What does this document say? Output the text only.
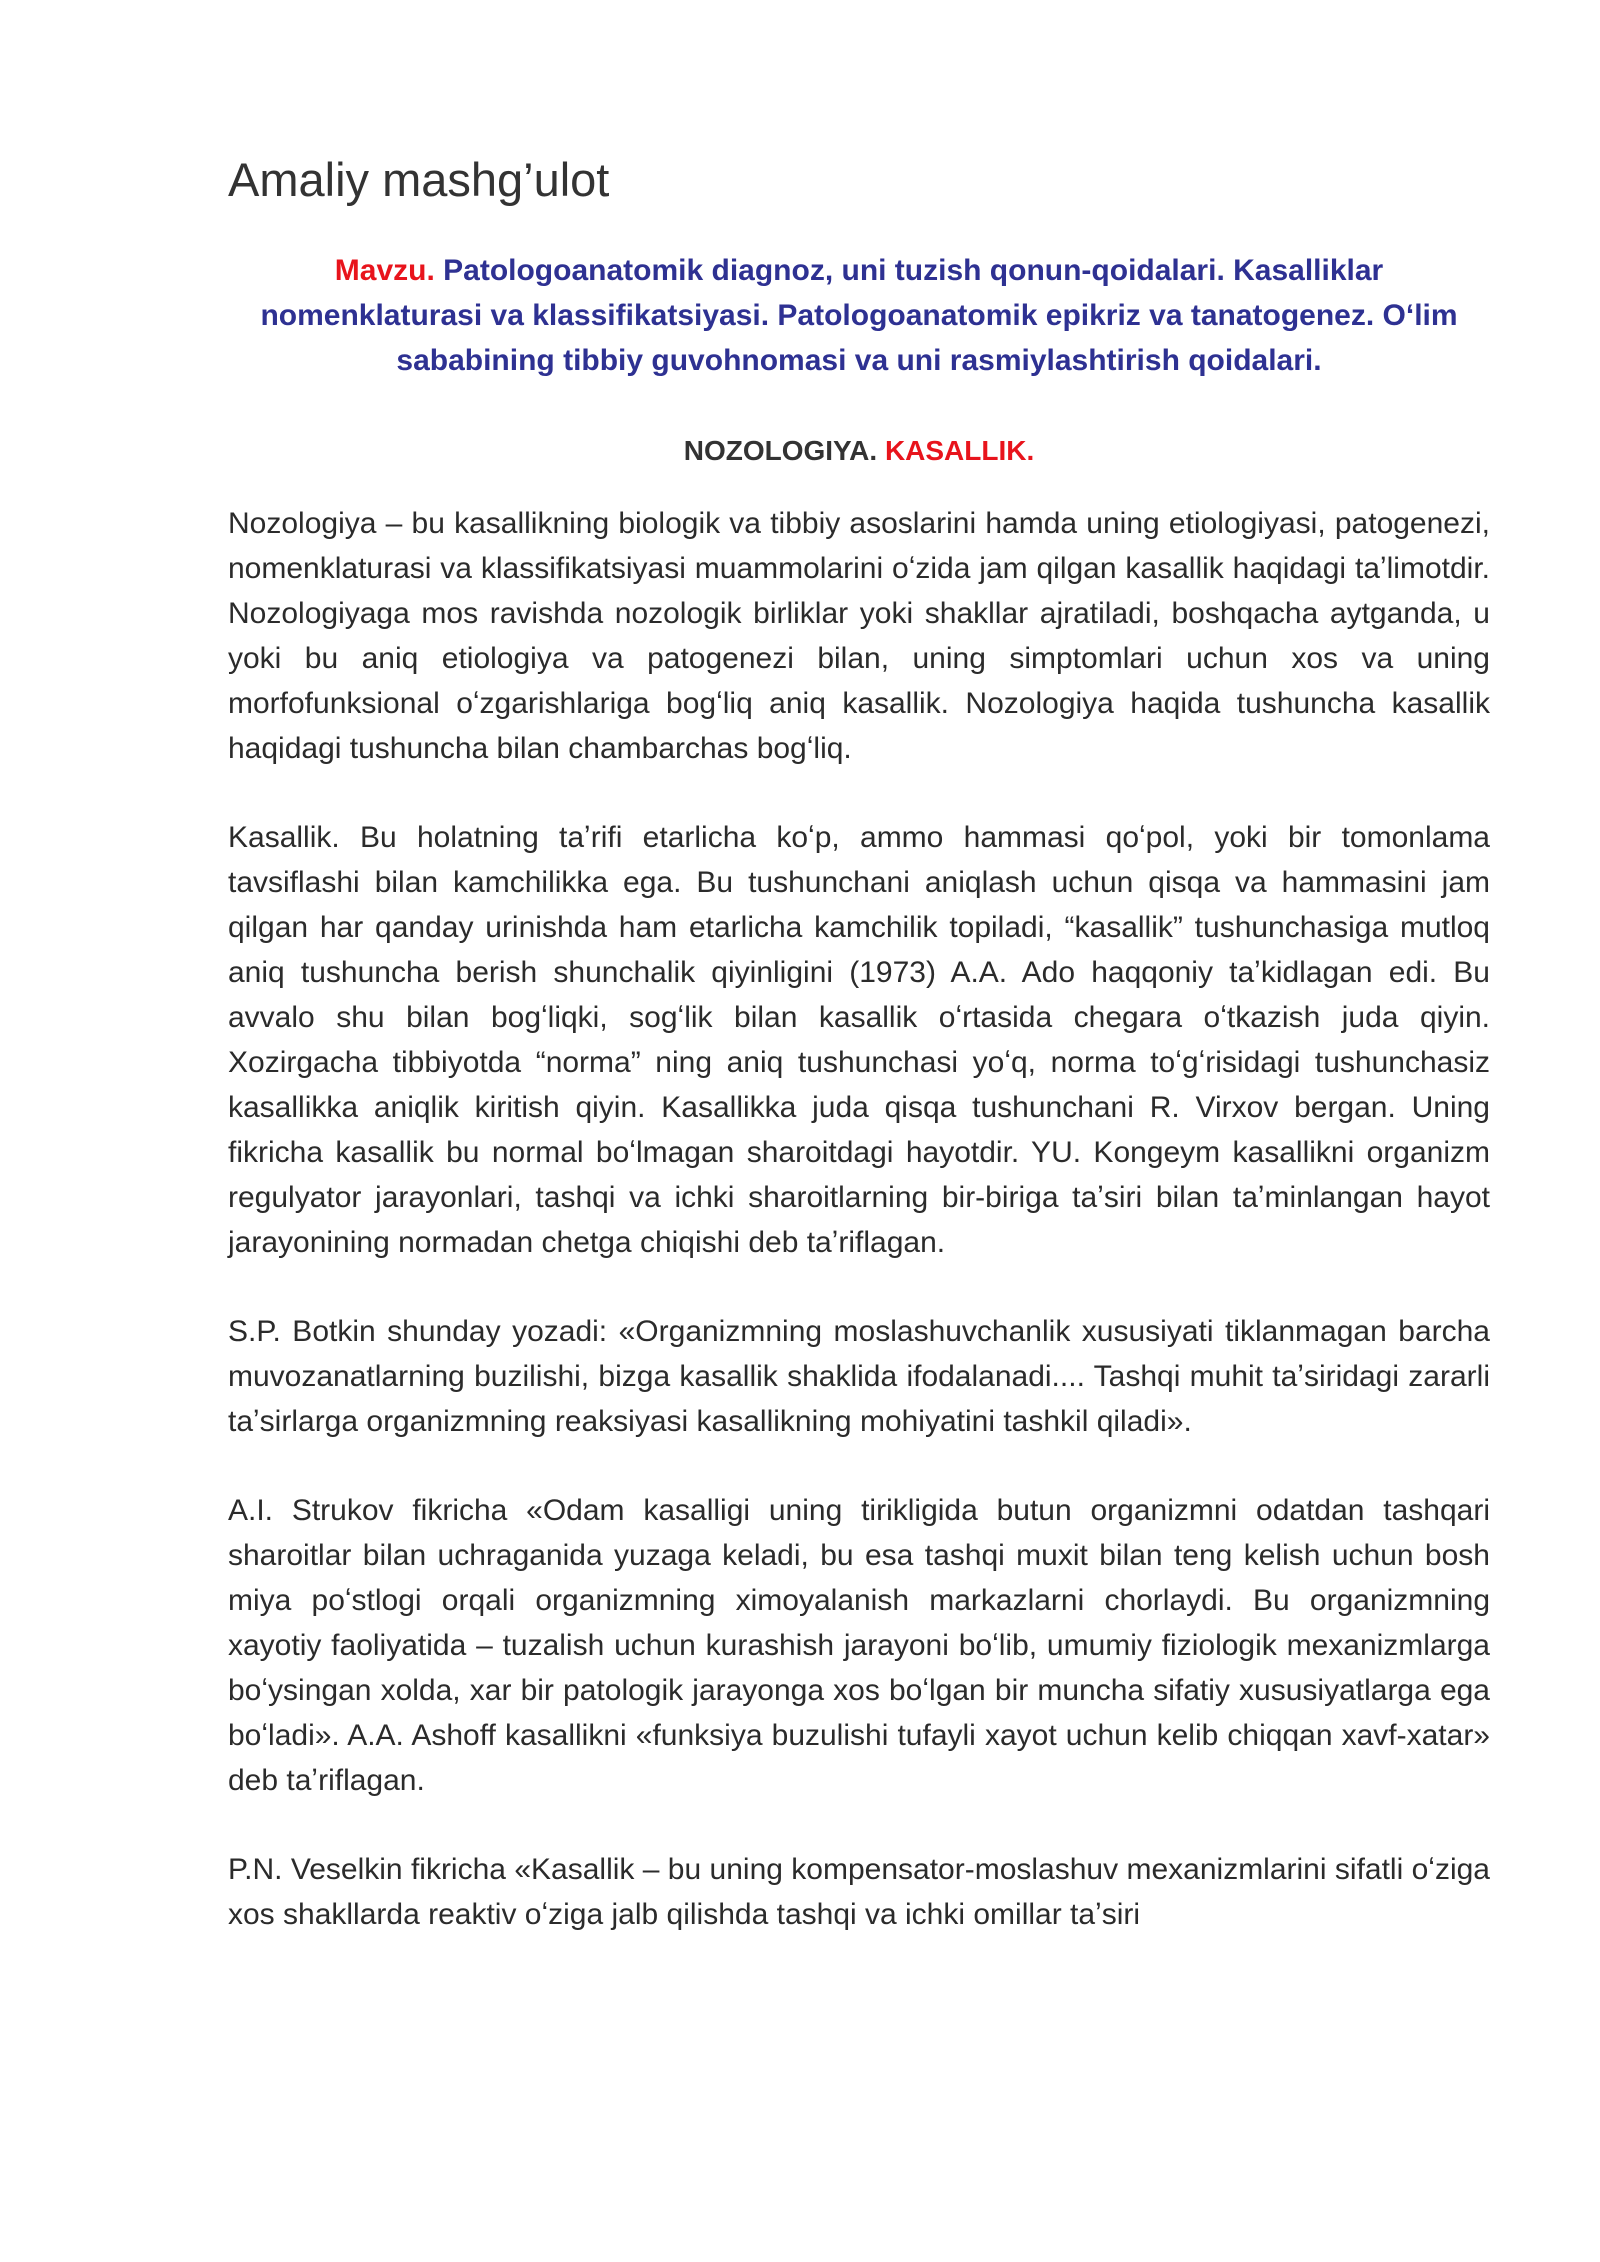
Amaliy mashg’ulot

Mavzu. Patologoanatomik diagnoz, uni tuzish qonun-qoidalari. Kasalliklar nomenklaturasi va klassifikatsiyasi. Patologoanatomik epikriz va tanatogenez. Oʻlim sababining tibbiy guvohnomasi va uni rasmiylashtirish qoidalari.

NOZOLOGIYA. KASALLIK.

Nozologiya – bu kasallikning biologik va tibbiy asoslarini hamda uning etiologiyasi, patogenezi, nomenklaturasi va klassifikatsiyasi muammolarini oʻzida jam qilgan kasallik haqidagi taʼlimotdir. Nozologiyaga mos ravishda nozologik birliklar yoki shakllar ajratiladi, boshqacha aytganda, u yoki bu aniq etiologiya va patogenezi bilan, uning simptomlari uchun xos va uning morfofunksional oʻzgarishlariga bogʻliq aniq kasallik. Nozologiya haqida tushuncha kasallik haqidagi tushuncha bilan chambarchas bogʻliq.

Kasallik. Bu holatning taʼrifi etarlicha koʻp, ammo hammasi qoʻpol, yoki bir tomonlama tavsiflashi bilan kamchilikka ega. Bu tushunchani aniqlash uchun qisqa va hammasini jam qilgan har qanday urinishda ham etarlicha kamchilik topiladi, “kasallik” tushunchasiga mutloq aniq tushuncha berish shunchalik qiyinligini (1973) A.A. Ado haqqoniy taʼkidlagan edi. Bu avvalo shu bilan bogʻliqki, sogʻlik bilan kasallik oʻrtasida chegara oʻtkazish juda qiyin. Xozirgacha tibbiyotda “norma” ning aniq tushunchasi yoʻq, norma toʻgʻrisidagi tushunchasiz kasallikka aniqlik kiritish qiyin. Kasallikka juda qisqa tushunchani R. Virxov bergan. Uning fikricha kasallik bu normal boʻlmagan sharoitdagi hayotdir. YU. Kongeym kasallikni organizm regulyator jarayonlari, tashqi va ichki sharoitlarning bir-biriga taʼsiri bilan taʼminlangan hayot jarayonining normadan chetga chiqishi deb taʼriflagan.

S.P. Botkin shunday yozadi: «Organizmning moslashuvchanlik xususiyati tiklanmagan barcha muvozanatlarning buzilishi, bizga kasallik shaklida ifodalanadi.... Tashqi muhit taʼsiridagi zararli taʼsirlarga organizmning reaksiyasi kasallikning mohiyatini tashkil qiladi».

A.I. Strukov fikricha «Odam kasalligi uning tirikligida butun organizmni odatdan tashqari sharoitlar bilan uchraganida yuzaga keladi, bu esa tashqi muxit bilan teng kelish uchun bosh miya poʻstlogi orqali organizmning ximoyalanish markazlarni chorlaydi. Bu organizmning xayotiy faoliyatida – tuzalish uchun kurashish jarayoni boʻlib, umumiy fiziologik mexanizmlarga boʻysingan xolda, xar bir patologik jarayonga xos boʻlgan bir muncha sifatiy xususiyatlarga ega boʻladi». A.A. Ashoff kasallikni «funksiya buzulishi tufayli xayot uchun kelib chiqqan xavf-xatar» deb taʼriflagan.

P.N. Veselkin fikricha «Kasallik – bu uning kompensator-moslashuv mexanizmlarini sifatli oʻziga xos shakllarda reaktiv oʻziga jalb qilishda tashqi va ichki omillar taʼsiri
